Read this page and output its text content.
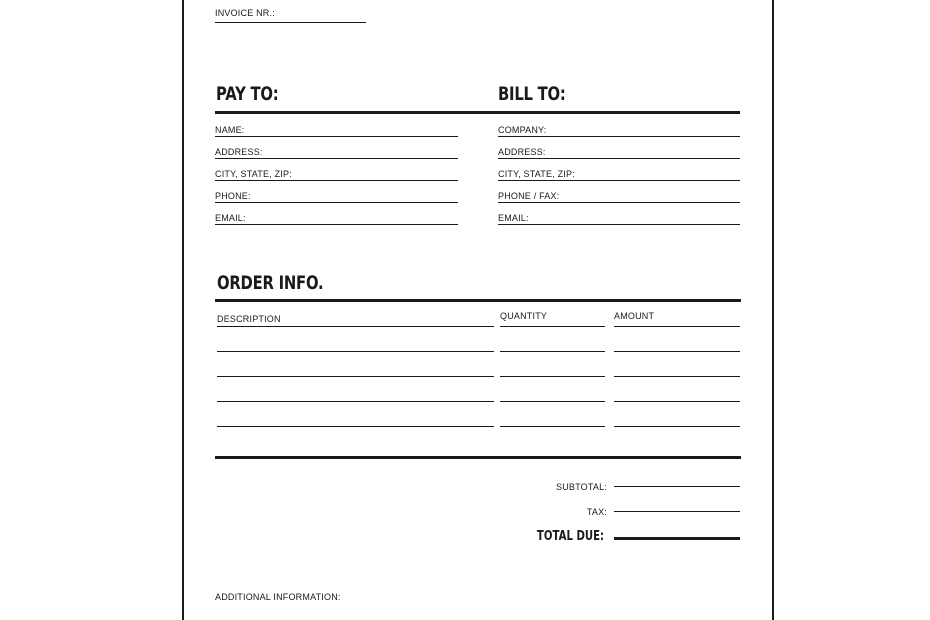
INVOICE NR.:
PAY TO:
NAME:
ADDRESS:
CITY, STATE, ZIP:
PHONE:
EMAIL:
BILL TO:
COMPANY:
ADDRESS:
CITY, STATE, ZIP:
PHONE / FAX:
EMAIL:
ORDER INFO.
DESCRIPTION	QUANTITY	AMOUNT
SUBTOTAL:
TAX:
TOTAL DUE:
ADDITIONAL INFORMATION:
